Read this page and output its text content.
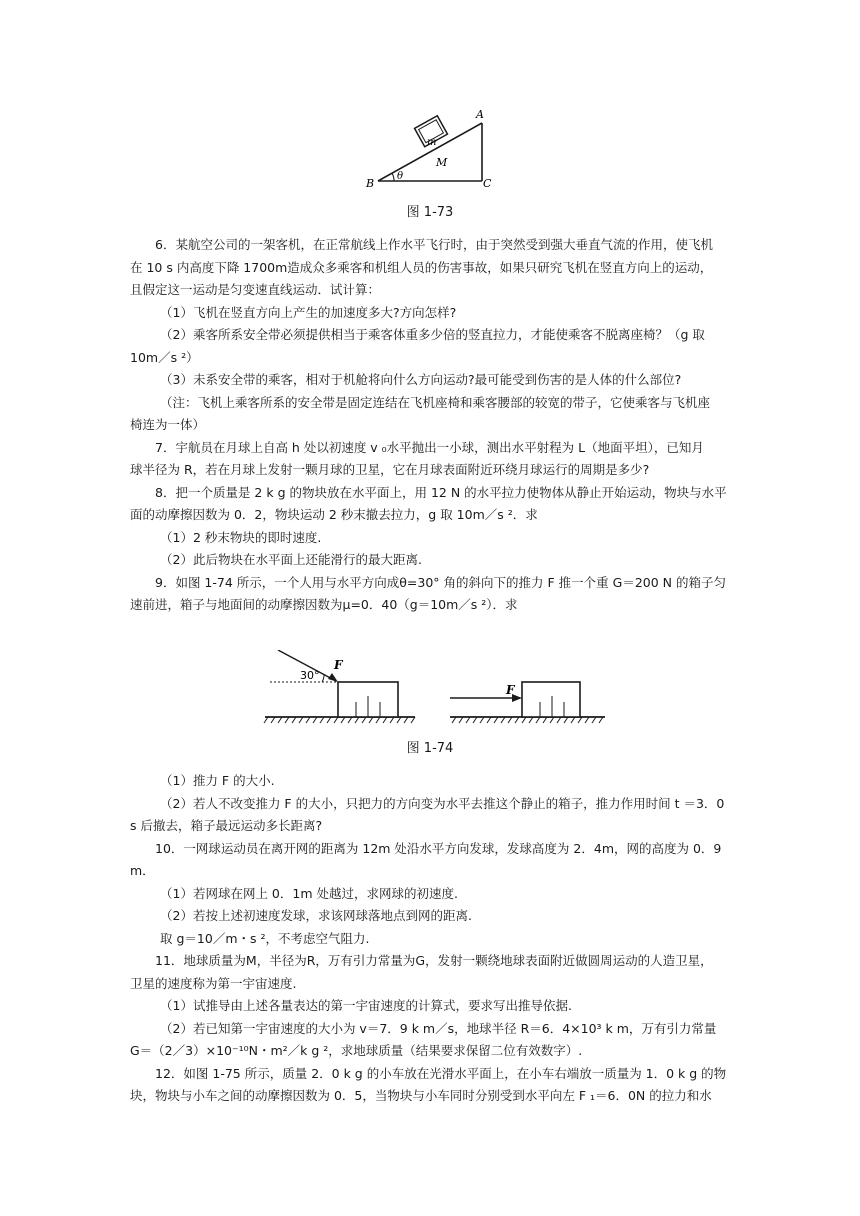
m
M
A
B	C
θ
图 1-73

6．某航空公司的一架客机，在正常航线上作水平飞行时，由于突然受到强大垂直气流的作用，使飞机

在 10 s 内高度下降 1700m造成众多乘客和机组人员的伤害事故，如果只研究飞机在竖直方向上的运动，

且假定这一运动是匀变速直线运动．试计算：

（1）飞机在竖直方向上产生的加速度多大?方向怎样?

（2）乘客所系安全带必须提供相当于乘客体重多少倍的竖直拉力，才能使乘客不脱离座椅？（g 取

10m／s ²）

（3）未系安全带的乘客，相对于机舱将向什么方向运动?最可能受到伤害的是人体的什么部位?

（注：飞机上乘客所系的安全带是固定连结在飞机座椅和乘客腰部的较宽的带子，它使乘客与飞机座

椅连为一体）

7．宇航员在月球上自高 h 处以初速度 v ₀水平抛出一小球，测出水平射程为 L（地面平坦），已知月

球半径为 R，若在月球上发射一颗月球的卫星，它在月球表面附近环绕月球运行的周期是多少?

8．把一个质量是 2 k g 的物块放在水平面上，用 12 N 的水平拉力使物体从静止开始运动，物块与水平

面的动摩擦因数为 0．2，物块运动 2 秒末撤去拉力，g 取 10m／s ²．求

（1）2 秒末物块的即时速度.

（2）此后物块在水平面上还能滑行的最大距离.

9．如图 1-74 所示，一个人用与水平方向成θ=30° 角的斜向下的推力 F 推一个重 G＝200 N 的箱子匀

速前进，箱子与地面间的动摩擦因数为μ=0．40（g＝10m／s ²）．求

30°
F
F
图 1-74

（1）推力 F 的大小.

（2）若人不改变推力 F 的大小，只把力的方向变为水平去推这个静止的箱子，推力作用时间 t ＝3．0

s 后撤去，箱子最远运动多长距离?

10．一网球运动员在离开网的距离为 12m 处沿水平方向发球，发球高度为 2．4m，网的高度为 0．9

m．

（1）若网球在网上 0．1m 处越过，求网球的初速度.

（2）若按上述初速度发球，求该网球落地点到网的距离.

取 g＝10／m・s ²，不考虑空气阻力.

11．地球质量为M，半径为R，万有引力常量为G，发射一颗绕地球表面附近做圆周运动的人造卫星，

卫星的速度称为第一宇宙速度.

（1）试推导由上述各量表达的第一宇宙速度的计算式，要求写出推导依据.

（2）若已知第一宇宙速度的大小为 v＝7．9 k m／s，地球半径 R＝6．4×10³ k m，万有引力常量

G＝（2／3）×10⁻¹⁰N・m²／k g ²，求地球质量（结果要求保留二位有效数字）.

12．如图 1-75 所示，质量 2．0 k g 的小车放在光滑水平面上，在小车右端放一质量为 1．0 k g 的物

块，物块与小车之间的动摩擦因数为 0．5，当物块与小车同时分别受到水平向左 F ₁＝6．0N 的拉力和水
